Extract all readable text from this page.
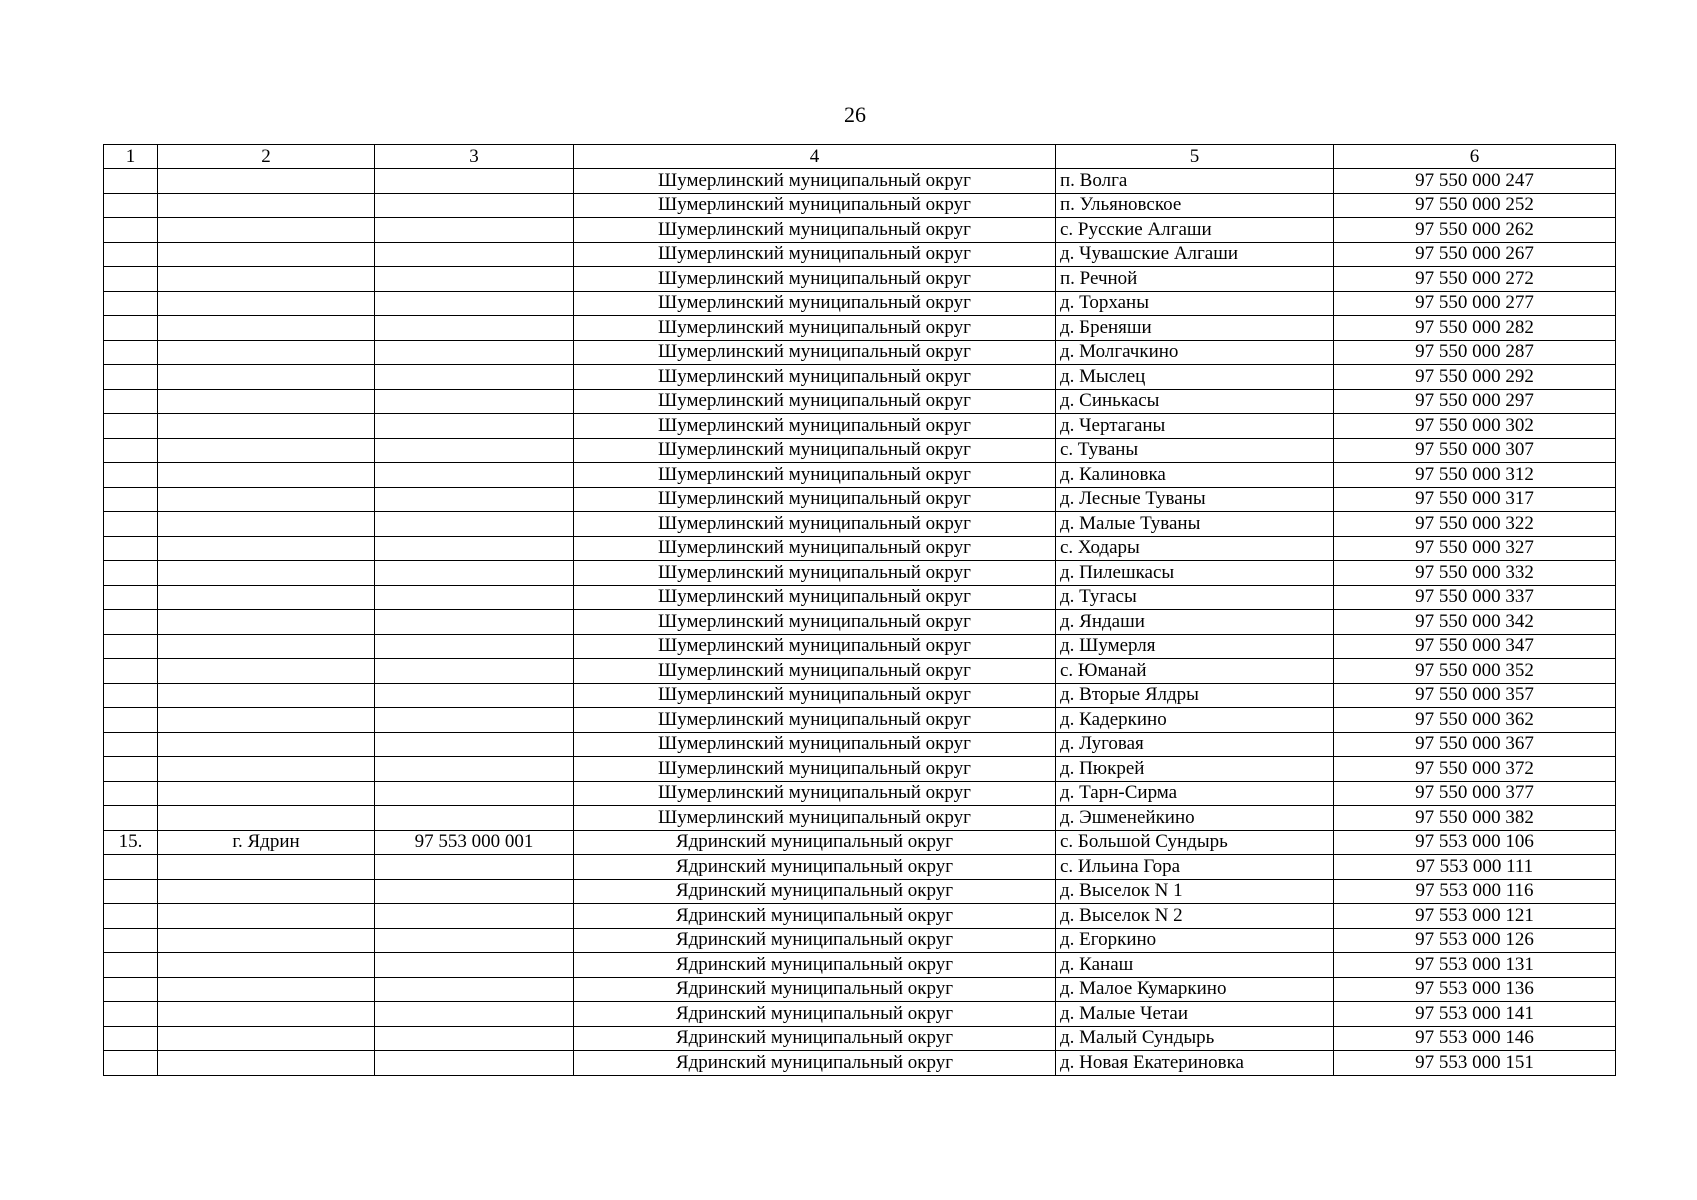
26
1	2	3	4	5	6
			Шумерлинский муниципальный округ	п. Волга	97 550 000 247
			Шумерлинский муниципальный округ	п. Ульяновское	97 550 000 252
			Шумерлинский муниципальный округ	с. Русские Алгаши	97 550 000 262
			Шумерлинский муниципальный округ	д. Чувашские Алгаши	97 550 000 267
			Шумерлинский муниципальный округ	п. Речной	97 550 000 272
			Шумерлинский муниципальный округ	д. Торханы	97 550 000 277
			Шумерлинский муниципальный округ	д. Бреняши	97 550 000 282
			Шумерлинский муниципальный округ	д. Молгачкино	97 550 000 287
			Шумерлинский муниципальный округ	д. Мыслец	97 550 000 292
			Шумерлинский муниципальный округ	д. Синькасы	97 550 000 297
			Шумерлинский муниципальный округ	д. Чертаганы	97 550 000 302
			Шумерлинский муниципальный округ	с. Туваны	97 550 000 307
			Шумерлинский муниципальный округ	д. Калиновка	97 550 000 312
			Шумерлинский муниципальный округ	д. Лесные Туваны	97 550 000 317
			Шумерлинский муниципальный округ	д. Малые Туваны	97 550 000 322
			Шумерлинский муниципальный округ	с. Ходары	97 550 000 327
			Шумерлинский муниципальный округ	д. Пилешкасы	97 550 000 332
			Шумерлинский муниципальный округ	д. Тугасы	97 550 000 337
			Шумерлинский муниципальный округ	д. Яндаши	97 550 000 342
			Шумерлинский муниципальный округ	д. Шумерля	97 550 000 347
			Шумерлинский муниципальный округ	с. Юманай	97 550 000 352
			Шумерлинский муниципальный округ	д. Вторые Ялдры	97 550 000 357
			Шумерлинский муниципальный округ	д. Кадеркино	97 550 000 362
			Шумерлинский муниципальный округ	д. Луговая	97 550 000 367
			Шумерлинский муниципальный округ	д. Пюкрей	97 550 000 372
			Шумерлинский муниципальный округ	д. Тарн-Сирма	97 550 000 377
			Шумерлинский муниципальный округ	д. Эшменейкино	97 550 000 382
15.	г. Ядрин	97 553 000 001	Ядринский муниципальный округ	с. Большой Сундырь	97 553 000 106
			Ядринский муниципальный округ	с. Ильина Гора	97 553 000 111
			Ядринский муниципальный округ	д. Выселок N 1	97 553 000 116
			Ядринский муниципальный округ	д. Выселок N 2	97 553 000 121
			Ядринский муниципальный округ	д. Егоркино	97 553 000 126
			Ядринский муниципальный округ	д. Канаш	97 553 000 131
			Ядринский муниципальный округ	д. Малое Кумаркино	97 553 000 136
			Ядринский муниципальный округ	д. Малые Четаи	97 553 000 141
			Ядринский муниципальный округ	д. Малый Сундырь	97 553 000 146
			Ядринский муниципальный округ	д. Новая Екатериновка	97 553 000 151
